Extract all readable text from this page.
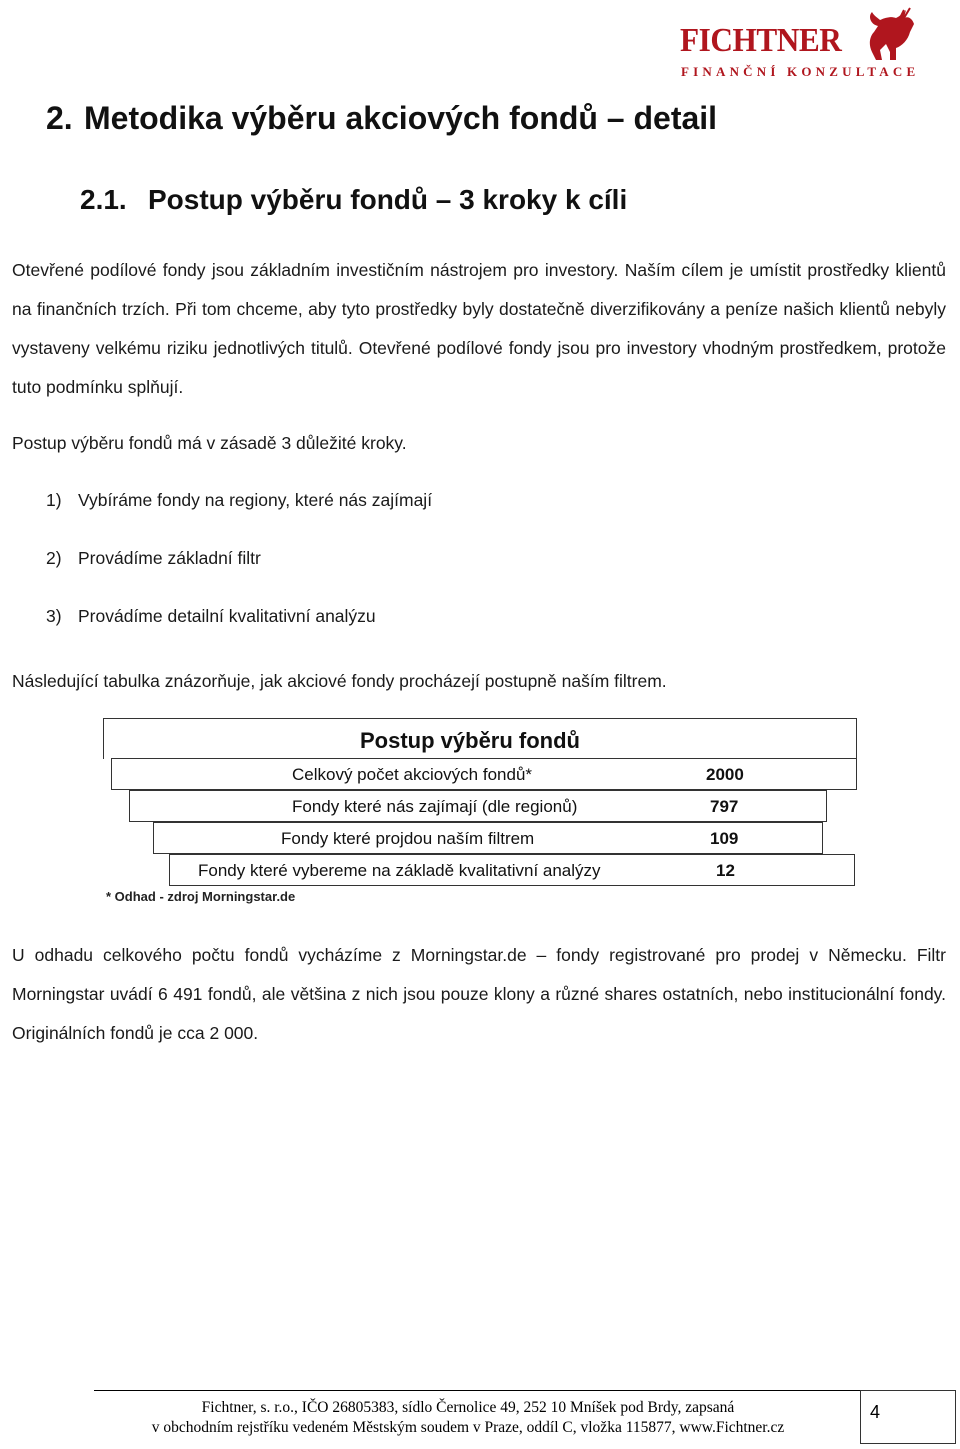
FICHTNER
FINANČNÍ KONZULTACE
2. Metodika výběru akciových fondů – detail
2.1. Postup výběru fondů – 3 kroky k cíli
Otevřené podílové fondy jsou základním investičním nástrojem pro investory. Naším cílem je umístit prostředky klientů na finančních trzích. Při tom chceme, aby tyto prostředky byly dostatečně diverzifikovány a peníze našich klientů nebyly vystaveny velkému riziku jednotlivých titulů. Otevřené podílové fondy jsou pro investory vhodným prostředkem, protože tuto podmínku splňují.
Postup výběru fondů má v zásadě 3 důležité kroky.
1) Vybíráme fondy na regiony, které nás zajímají
2) Provádíme základní filtr
3) Provádíme detailní kvalitativní analýzu
Následující tabulka znázorňuje, jak akciové fondy procházejí postupně naším filtrem.
Postup výběru fondů
Celkový počet akciových fondů*	2000
Fondy které nás zajímají (dle regionů)	797
Fondy které projdou naším filtrem	109
Fondy které vybereme na základě kvalitativní analýzy	12
* Odhad - zdroj Morningstar.de
U odhadu celkového počtu fondů vycházíme z Morningstar.de – fondy registrované pro prodej v Německu. Filtr Morningstar uvádí 6 491 fondů, ale většina z nich jsou pouze klony a různé shares ostatních, nebo institucionální fondy. Originálních fondů je cca 2 000.
Fichtner, s. r.o., IČO 26805383, sídlo Černolice 49, 252 10 Mníšek pod Brdy, zapsaná
v obchodním rejstříku vedeném Městským soudem v Praze, oddíl C, vložka 115877, www.Fichtner.cz
4
